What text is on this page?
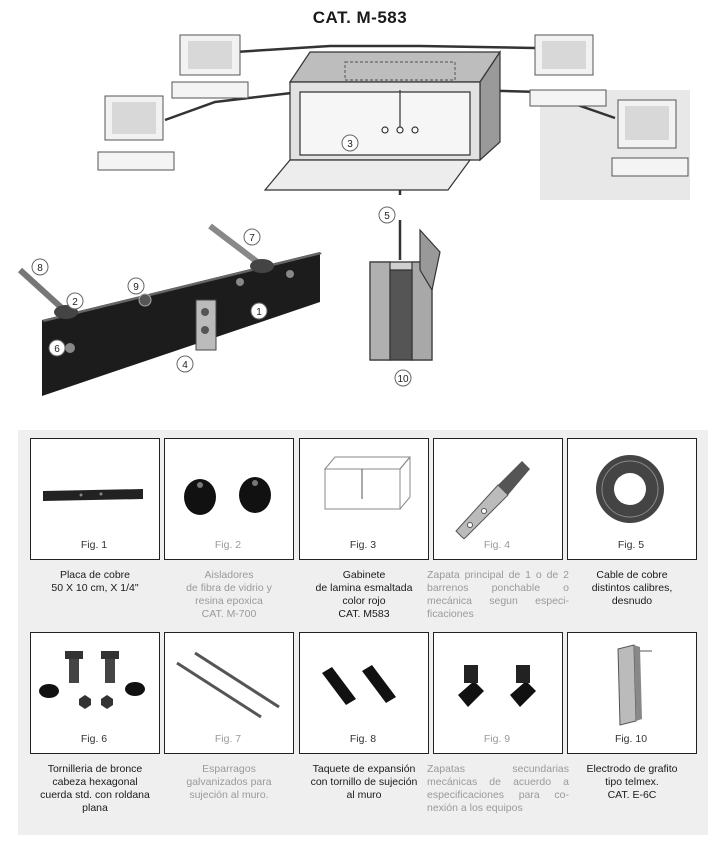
CAT. M-583
1
2
3
4
5
6
7
8
9
10
Fig. 1
Placa de cobre
50 X 10 cm, X 1/4"
Fig. 2
Aisladores
de fibra de vidrio y
resina epoxica
CAT. M-700
Fig. 3
Gabinete
de lamina esmaltada
color rojo
CAT. M583
Fig. 4
Zapata principal de 1 o de 2 barrenos ponchable o mecánica segun especi-ficaciones
Fig. 5
Cable de cobre
distintos calibres,
desnudo
Fig. 6
Tornilleria de bronce
cabeza hexagonal
cuerda std. con roldana
plana
Fig. 7
Esparragos
galvanizados para
sujeción al muro.
Fig. 8
Taquete de expansión
con tornillo de sujeción
al muro
Fig. 9
Zapatas secundarias mecánicas de acuerdo a especificaciones para co-nexión a los equipos
Fig. 10
Electrodo de grafito
tipo telmex.
CAT. E-6C
